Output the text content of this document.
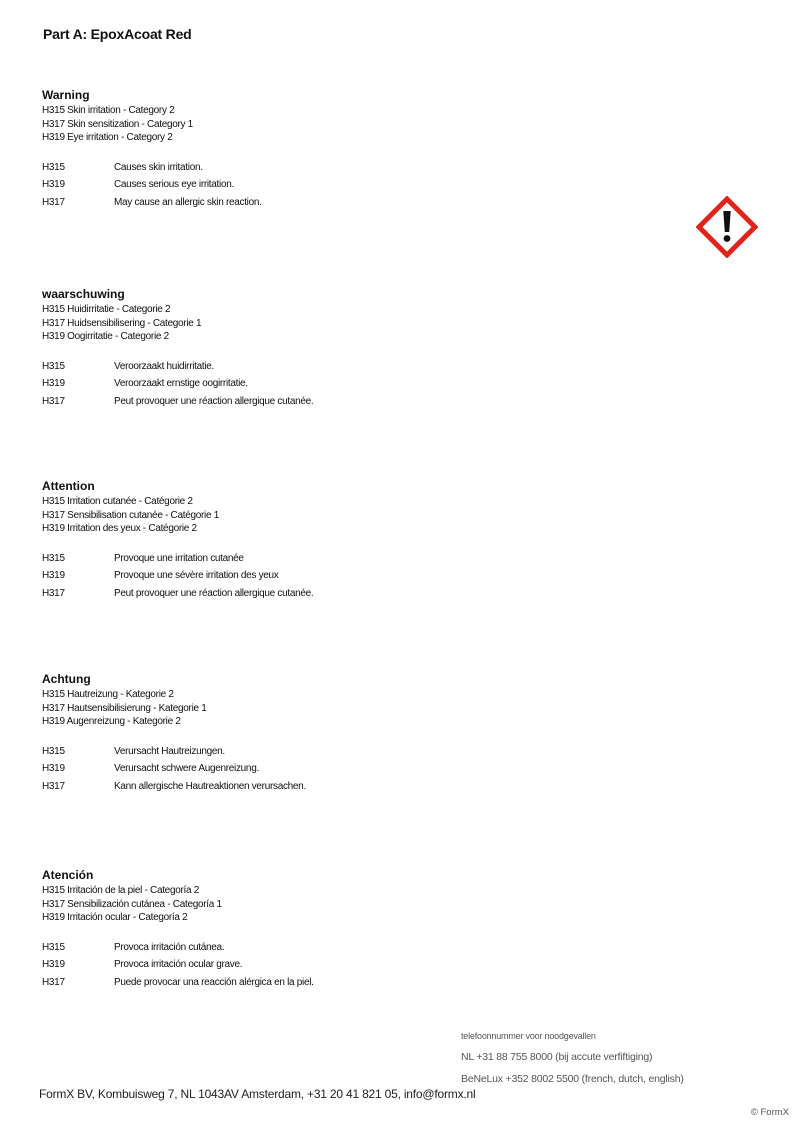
Part A: EpoxAcoat Red
Warning
H315 Skin irritation - Category 2
H317 Skin sensitization - Category 1
H319 Eye irritation - Category 2
H315	Causes skin irritation.
H319	Causes serious eye irritation.
H317	May cause an allergic skin reaction.
waarschuwing
H315 Huidirritatie - Categorie 2
H317 Huidsensibilisering - Categorie 1
H319 Oogirritatie - Categorie 2
H315	Veroorzaakt huidirritatie.
H319	Veroorzaakt ernstige oogirritatie.
H317	Peut provoquer une réaction allergique cutanée.
Attention
H315 Irritation cutanée - Catégorie 2
H317 Sensibilisation cutanée - Catégorie 1
H319 Irritation des yeux - Catégorie 2
H315	Provoque une irritation cutanée
H319	Provoque une sévère irritation des yeux
H317	Peut provoquer une réaction allergique cutanée.
Achtung
H315 Hautreizung - Kategorie 2
H317 Hautsensibilisierung - Kategorie 1
H319 Augenreizung - Kategorie 2
H315	Verursacht Hautreizungen.
H319	Verursacht schwere Augenreizung.
H317	Kann allergische Hautreaktionen verursachen.
Atención
H315 Irritación de la piel - Categoría 2
H317 Sensibilización cutánea - Categoría 1
H319 Irritación ocular - Categoría 2
H315	Provoca irritación cutánea.
H319	Provoca irritación ocular grave.
H317	Puede provocar una reacción alérgica en la piel.
telefoonnummer voor noodgevallen
NL +31 88 755 8000 (bij accute verfiftiging)
BeNeLux +352 8002 5500 (french, dutch, english)
FormX BV, Kombuisweg 7, NL 1043AV Amsterdam, +31 20 41 821 05, info@formx.nl
© FormX
